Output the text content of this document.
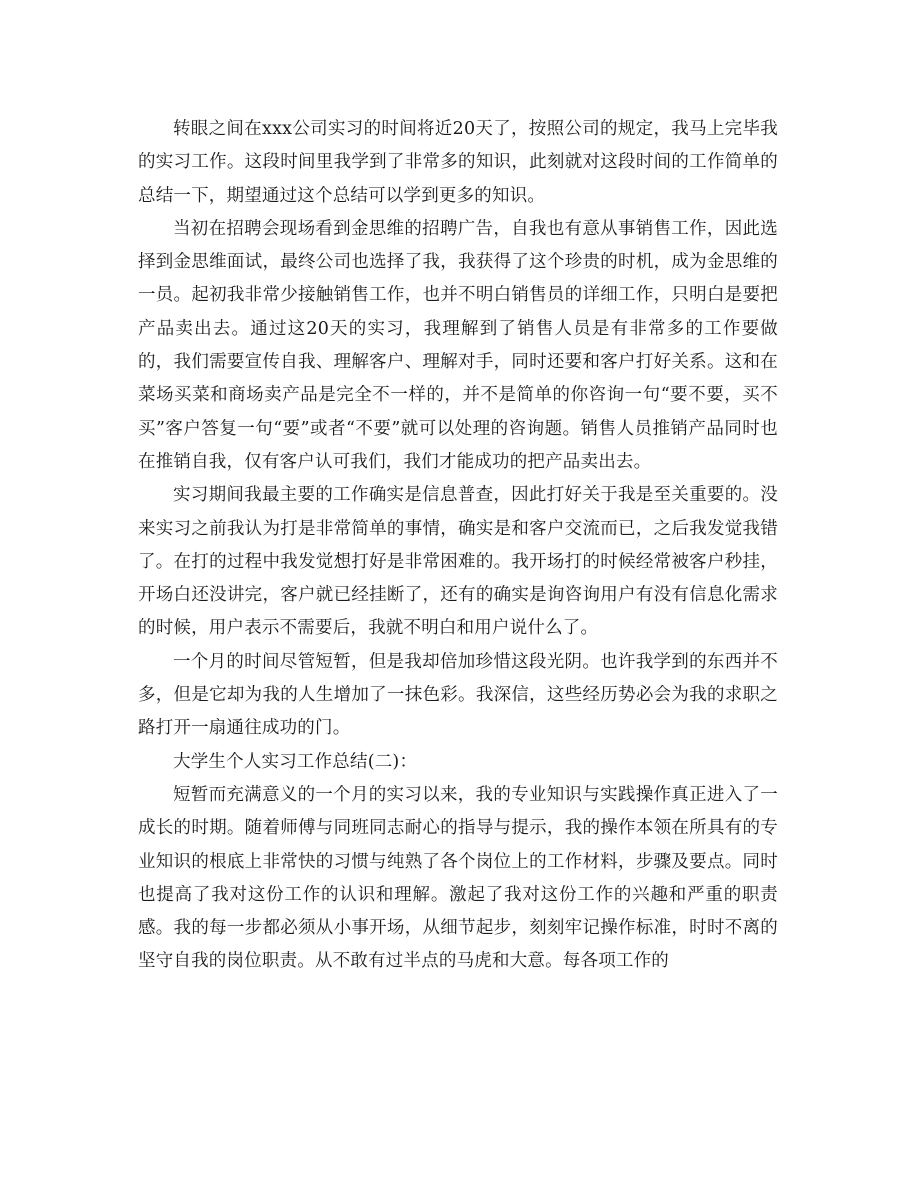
转眼之间在xxx公司实习的时间将近20天了，按照公司的规定，我马上完毕我的实习工作。这段时间里我学到了非常多的知识，此刻就对这段时间的工作简单的总结一下，期望通过这个总结可以学到更多的知识。

当初在招聘会现场看到金思维的招聘广告，自我也有意从事销售工作，因此选择到金思维面试，最终公司也选择了我，我获得了这个珍贵的时机，成为金思维的一员。起初我非常少接触销售工作，也并不明白销售员的详细工作，只明白是要把产品卖出去。通过这20天的实习，我理解到了销售人员是有非常多的工作要做的，我们需要宣传自我、理解客户、理解对手，同时还要和客户打好关系。这和在菜场买菜和商场卖产品是完全不一样的，并不是简单的你咨询一句“要不要，买不买”客户答复一句“要”或者“不要”就可以处理的咨询题。销售人员推销产品同时也在推销自我，仅有客户认可我们，我们才能成功的把产品卖出去。

实习期间我最主要的工作确实是信息普查，因此打好关于我是至关重要的。没来实习之前我认为打是非常简单的事情，确实是和客户交流而已，之后我发觉我错了。在打的过程中我发觉想打好是非常困难的。我开场打的时候经常被客户秒挂，开场白还没讲完，客户就已经挂断了，还有的确实是询咨询用户有没有信息化需求的时候，用户表示不需要后，我就不明白和用户说什么了。

一个月的时间尽管短暂，但是我却倍加珍惜这段光阴。也许我学到的东西并不多，但是它却为我的人生增加了一抹色彩。我深信，这些经历势必会为我的求职之路打开一扇通往成功的门。

大学生个人实习工作总结(二)：

短暂而充满意义的一个月的实习以来，我的专业知识与实践操作真正进入了一成长的时期。随着师傅与同班同志耐心的指导与提示，我的操作本领在所具有的专业知识的根底上非常快的习惯与纯熟了各个岗位上的工作材料，步骤及要点。同时也提高了我对这份工作的认识和理解。激起了我对这份工作的兴趣和严重的职责感。我的每一步都必须从小事开场，从细节起步，刻刻牢记操作标准，时时不离的坚守自我的岗位职责。从不敢有过半点的马虎和大意。每各项工作的
